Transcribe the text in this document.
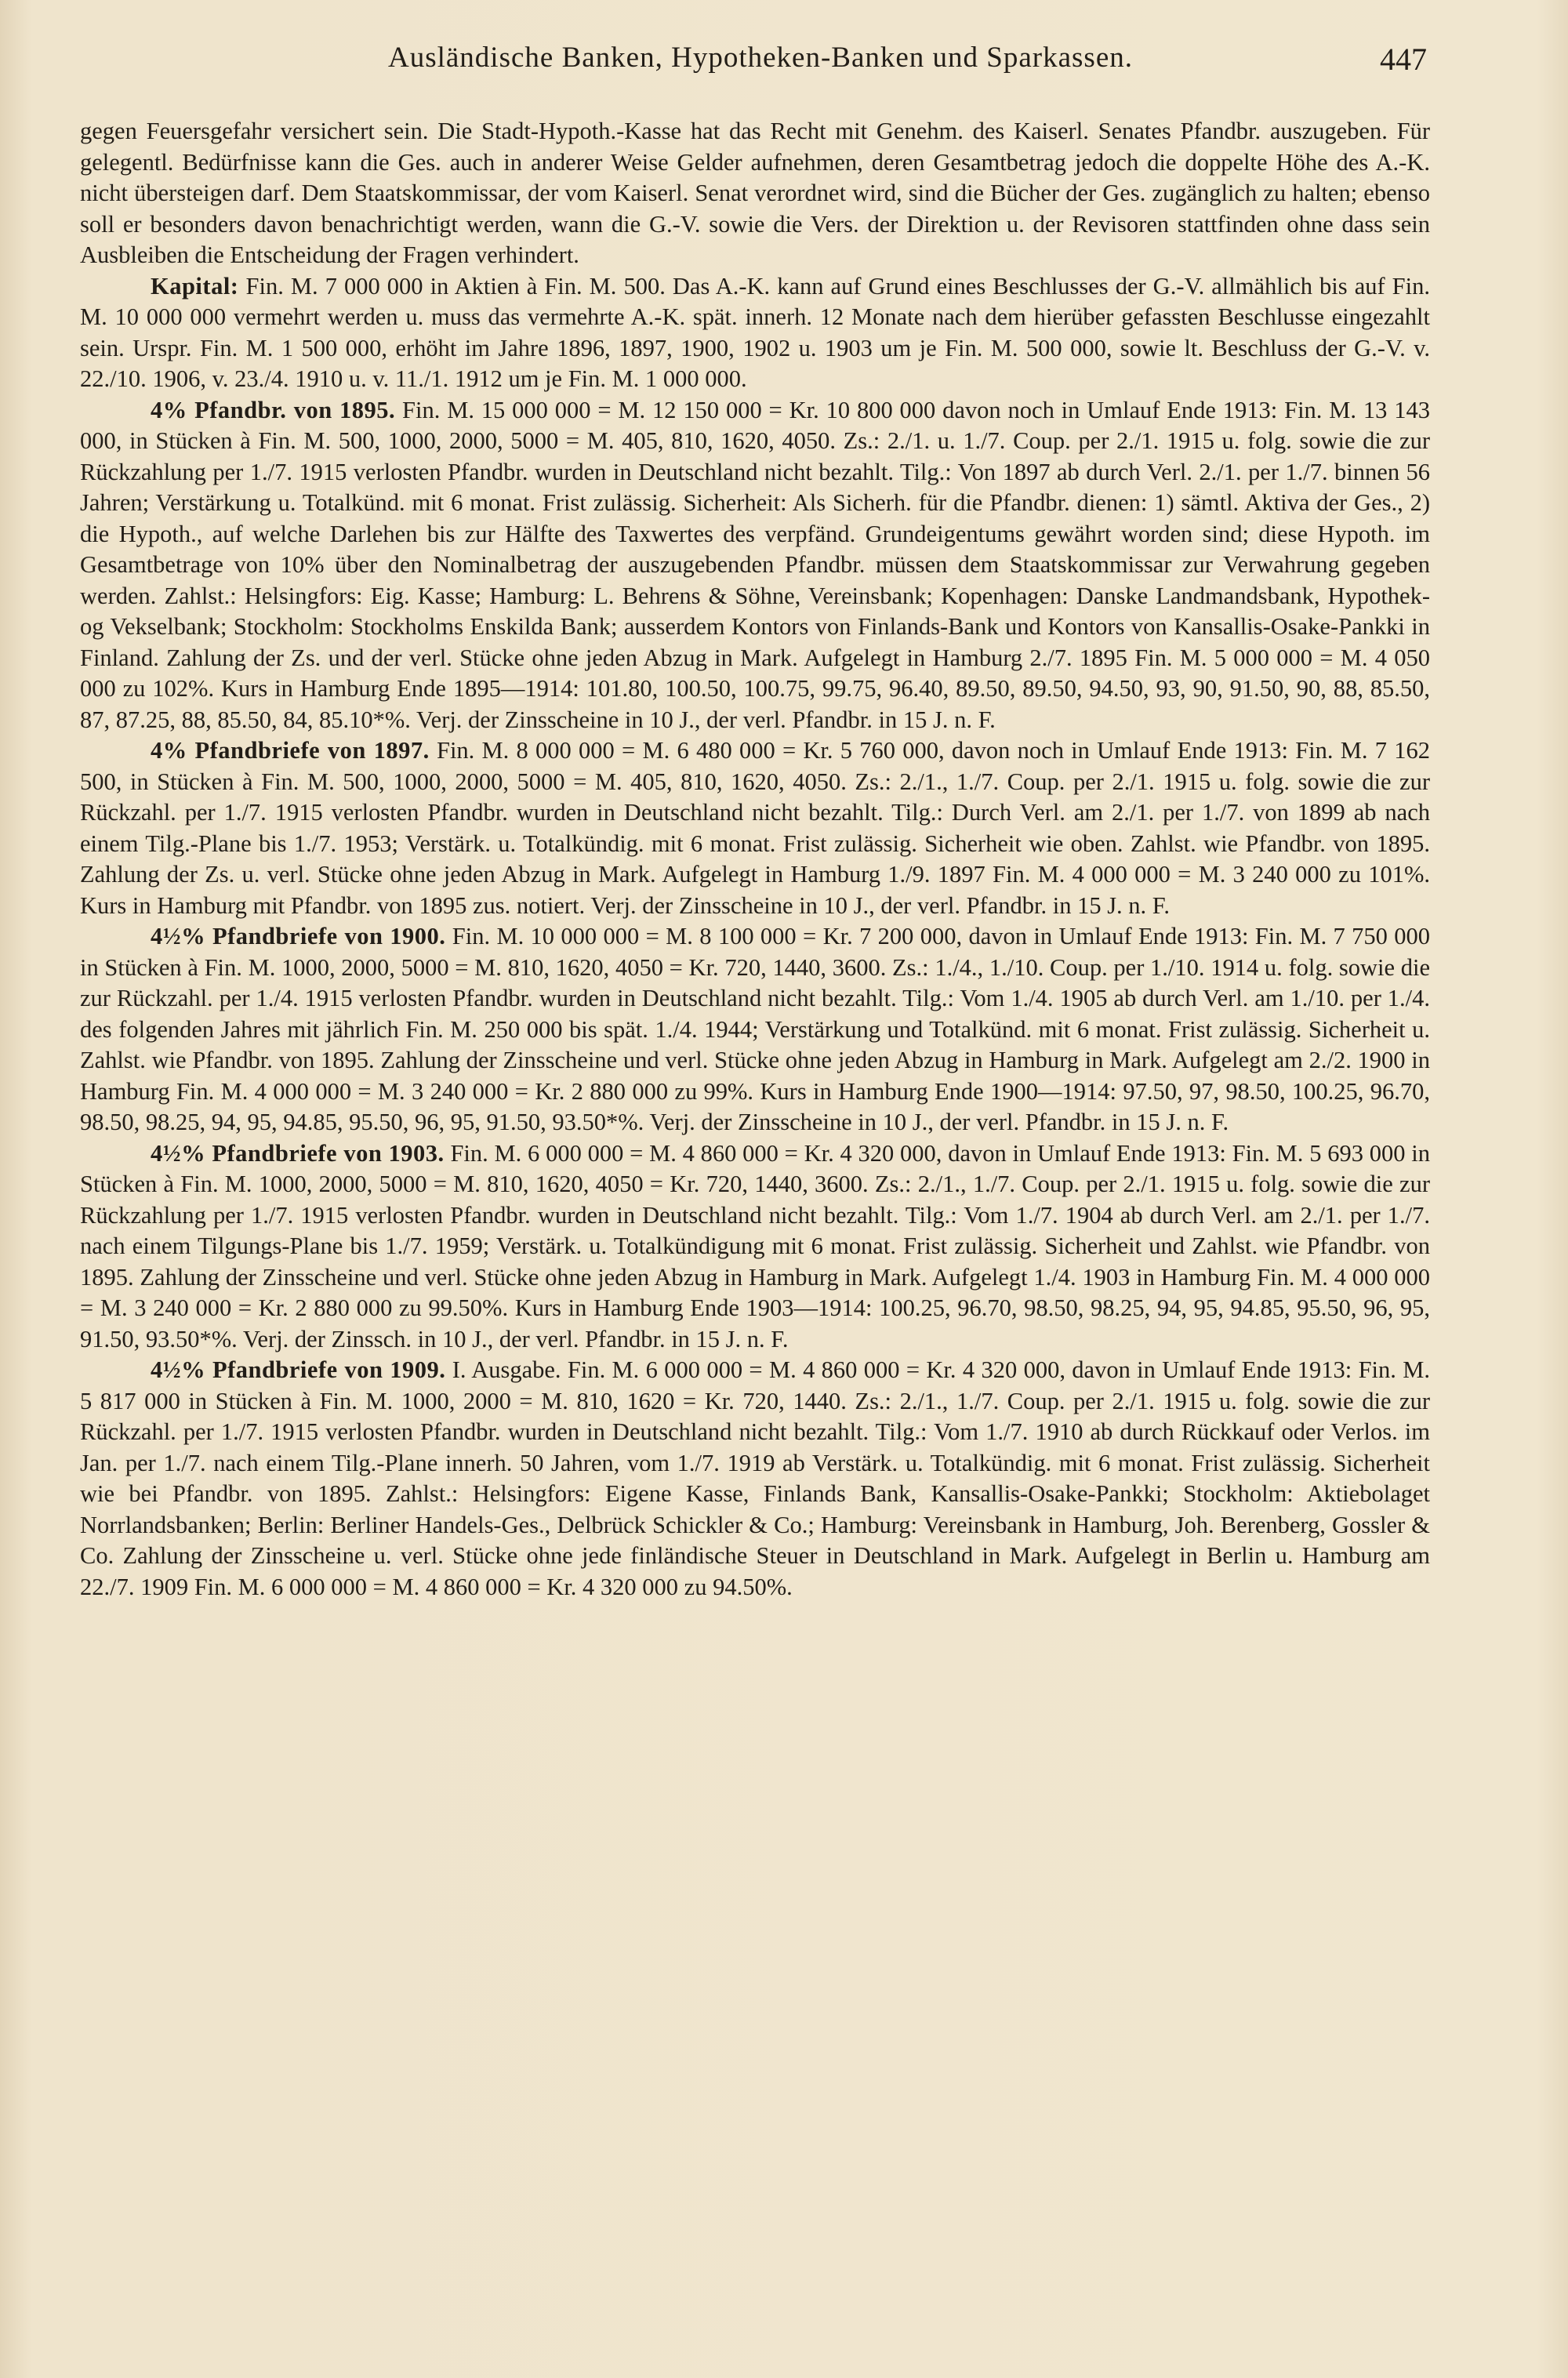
Ausländische Banken, Hypotheken-Banken und Sparkassen.	447

gegen Feuersgefahr versichert sein. Die Stadt-Hypoth.-Kasse hat das Recht mit Genehm. des Kaiserl. Senates Pfandbr. auszugeben. Für gelegentl. Bedürfnisse kann die Ges. auch in anderer Weise Gelder aufnehmen, deren Gesamtbetrag jedoch die doppelte Höhe des A.-K. nicht übersteigen darf. Dem Staatskommissar, der vom Kaiserl. Senat verordnet wird, sind die Bücher der Ges. zugänglich zu halten; ebenso soll er besonders davon benachrichtigt werden, wann die G.-V. sowie die Vers. der Direktion u. der Revisoren stattfinden ohne dass sein Ausbleiben die Entscheidung der Fragen verhindert.

Kapital: Fin. M. 7 000 000 in Aktien à Fin. M. 500. Das A.-K. kann auf Grund eines Beschlusses der G.-V. allmählich bis auf Fin. M. 10 000 000 vermehrt werden u. muss das vermehrte A.-K. spät. innerh. 12 Monate nach dem hierüber gefassten Beschlusse eingezahlt sein. Urspr. Fin. M. 1 500 000, erhöht im Jahre 1896, 1897, 1900, 1902 u. 1903 um je Fin. M. 500 000, sowie lt. Beschluss der G.-V. v. 22./10. 1906, v. 23./4. 1910 u. v. 11./1. 1912 um je Fin. M. 1 000 000.

4% Pfandbr. von 1895. Fin. M. 15 000 000 = M. 12 150 000 = Kr. 10 800 000 davon noch in Umlauf Ende 1913: Fin. M. 13 143 000, in Stücken à Fin. M. 500, 1000, 2000, 5000 = M. 405, 810, 1620, 4050. Zs.: 2./1. u. 1./7. Coup. per 2./1. 1915 u. folg. sowie die zur Rückzahlung per 1./7. 1915 verlosten Pfandbr. wurden in Deutschland nicht bezahlt. Tilg.: Von 1897 ab durch Verl. 2./1. per 1./7. binnen 56 Jahren; Verstärkung u. Totalkünd. mit 6 monat. Frist zulässig. Sicherheit: Als Sicherh. für die Pfandbr. dienen: 1) sämtl. Aktiva der Ges., 2) die Hypoth., auf welche Darlehen bis zur Hälfte des Taxwertes des verpfänd. Grundeigentums gewährt worden sind; diese Hypoth. im Gesamtbetrage von 10% über den Nominalbetrag der auszugebenden Pfandbr. müssen dem Staatskommissar zur Verwahrung gegeben werden. Zahlst.: Helsingfors: Eig. Kasse; Hamburg: L. Behrens & Söhne, Vereinsbank; Kopenhagen: Danske Landmandsbank, Hypothek- og Vekselbank; Stockholm: Stockholms Enskilda Bank; ausserdem Kontors von Finlands-Bank und Kontors von Kansallis-Osake-Pankki in Finland. Zahlung der Zs. und der verl. Stücke ohne jeden Abzug in Mark. Aufgelegt in Hamburg 2./7. 1895 Fin. M. 5 000 000 = M. 4 050 000 zu 102%. Kurs in Hamburg Ende 1895—1914: 101.80, 100.50, 100.75, 99.75, 96.40, 89.50, 89.50, 94.50, 93, 90, 91.50, 90, 88, 85.50, 87, 87.25, 88, 85.50, 84, 85.10*%. Verj. der Zinsscheine in 10 J., der verl. Pfandbr. in 15 J. n. F.

4% Pfandbriefe von 1897. Fin. M. 8 000 000 = M. 6 480 000 = Kr. 5 760 000, davon noch in Umlauf Ende 1913: Fin. M. 7 162 500, in Stücken à Fin. M. 500, 1000, 2000, 5000 = M. 405, 810, 1620, 4050. Zs.: 2./1., 1./7. Coup. per 2./1. 1915 u. folg. sowie die zur Rückzahl. per 1./7. 1915 verlosten Pfandbr. wurden in Deutschland nicht bezahlt. Tilg.: Durch Verl. am 2./1. per 1./7. von 1899 ab nach einem Tilg.-Plane bis 1./7. 1953; Verstärk. u. Totalkündig. mit 6 monat. Frist zulässig. Sicherheit wie oben. Zahlst. wie Pfandbr. von 1895. Zahlung der Zs. u. verl. Stücke ohne jeden Abzug in Mark. Aufgelegt in Hamburg 1./9. 1897 Fin. M. 4 000 000 = M. 3 240 000 zu 101%. Kurs in Hamburg mit Pfandbr. von 1895 zus. notiert. Verj. der Zinsscheine in 10 J., der verl. Pfandbr. in 15 J. n. F.

4½% Pfandbriefe von 1900. Fin. M. 10 000 000 = M. 8 100 000 = Kr. 7 200 000, davon in Umlauf Ende 1913: Fin. M. 7 750 000 in Stücken à Fin. M. 1000, 2000, 5000 = M. 810, 1620, 4050 = Kr. 720, 1440, 3600. Zs.: 1./4., 1./10. Coup. per 1./10. 1914 u. folg. sowie die zur Rückzahl. per 1./4. 1915 verlosten Pfandbr. wurden in Deutschland nicht bezahlt. Tilg.: Vom 1./4. 1905 ab durch Verl. am 1./10. per 1./4. des folgenden Jahres mit jährlich Fin. M. 250 000 bis spät. 1./4. 1944; Verstärkung und Totalkünd. mit 6 monat. Frist zulässig. Sicherheit u. Zahlst. wie Pfandbr. von 1895. Zahlung der Zinsscheine und verl. Stücke ohne jeden Abzug in Hamburg in Mark. Aufgelegt am 2./2. 1900 in Hamburg Fin. M. 4 000 000 = M. 3 240 000 = Kr. 2 880 000 zu 99%. Kurs in Hamburg Ende 1900—1914: 97.50, 97, 98.50, 100.25, 96.70, 98.50, 98.25, 94, 95, 94.85, 95.50, 96, 95, 91.50, 93.50*%. Verj. der Zinsscheine in 10 J., der verl. Pfandbr. in 15 J. n. F.

4½% Pfandbriefe von 1903. Fin. M. 6 000 000 = M. 4 860 000 = Kr. 4 320 000, davon in Umlauf Ende 1913: Fin. M. 5 693 000 in Stücken à Fin. M. 1000, 2000, 5000 = M. 810, 1620, 4050 = Kr. 720, 1440, 3600. Zs.: 2./1., 1./7. Coup. per 2./1. 1915 u. folg. sowie die zur Rückzahlung per 1./7. 1915 verlosten Pfandbr. wurden in Deutschland nicht bezahlt. Tilg.: Vom 1./7. 1904 ab durch Verl. am 2./1. per 1./7. nach einem Tilgungs-Plane bis 1./7. 1959; Verstärk. u. Totalkündigung mit 6 monat. Frist zulässig. Sicherheit und Zahlst. wie Pfandbr. von 1895. Zahlung der Zinsscheine und verl. Stücke ohne jeden Abzug in Hamburg in Mark. Aufgelegt 1./4. 1903 in Hamburg Fin. M. 4 000 000 = M. 3 240 000 = Kr. 2 880 000 zu 99.50%. Kurs in Hamburg Ende 1903—1914: 100.25, 96.70, 98.50, 98.25, 94, 95, 94.85, 95.50, 96, 95, 91.50, 93.50*%. Verj. der Zinssch. in 10 J., der verl. Pfandbr. in 15 J. n. F.

4½% Pfandbriefe von 1909. I. Ausgabe. Fin. M. 6 000 000 = M. 4 860 000 = Kr. 4 320 000, davon in Umlauf Ende 1913: Fin. M. 5 817 000 in Stücken à Fin. M. 1000, 2000 = M. 810, 1620 = Kr. 720, 1440. Zs.: 2./1., 1./7. Coup. per 2./1. 1915 u. folg. sowie die zur Rückzahl. per 1./7. 1915 verlosten Pfandbr. wurden in Deutschland nicht bezahlt. Tilg.: Vom 1./7. 1910 ab durch Rückkauf oder Verlos. im Jan. per 1./7. nach einem Tilg.-Plane innerh. 50 Jahren, vom 1./7. 1919 ab Verstärk. u. Totalkündig. mit 6 monat. Frist zulässig. Sicherheit wie bei Pfandbr. von 1895. Zahlst.: Helsingfors: Eigene Kasse, Finlands Bank, Kansallis-Osake-Pankki; Stockholm: Aktiebolaget Norrlandsbanken; Berlin: Berliner Handels-Ges., Delbrück Schickler & Co.; Hamburg: Vereinsbank in Hamburg, Joh. Berenberg, Gossler & Co. Zahlung der Zinsscheine u. verl. Stücke ohne jede finländische Steuer in Deutschland in Mark. Aufgelegt in Berlin u. Hamburg am 22./7. 1909 Fin. M. 6 000 000 = M. 4 860 000 = Kr. 4 320 000 zu 94.50%.
